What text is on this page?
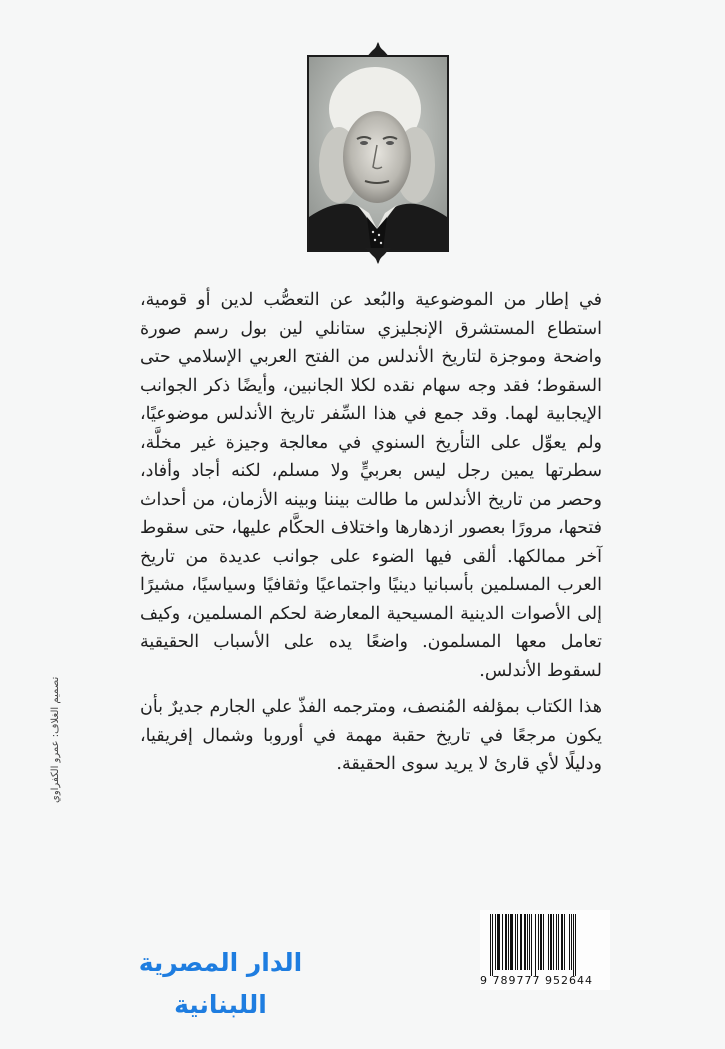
في إطار من الموضوعية والبُعد عن التعصُّب لدين أو قومية، استطاع المستشرق الإنجليزي ستانلي لين بول رسم صورة واضحة وموجزة لتاريخ الأندلس من الفتح العربي الإسلامي حتى السقوط؛ فقد وجه سهام نقده لكلا الجانبين، وأيضًا ذكر الجوانب الإيجابية لهما. وقد جمع في هذا السِّفر تاريخ الأندلس موضوعيًا، ولم يعوِّل على التأريخ السنوي في معالجة وجيزة غير مخلَّة، سطرتها يمين رجل ليس بعربيٍّ ولا مسلم، لكنه أجاد وأفاد، وحصر من تاريخ الأندلس ما طالت بيننا وبينه الأزمان، من أحداث فتحها، مرورًا بعصور ازدهارها واختلاف الحكَّام عليها، حتى سقوط آخر ممالكها. ألقى فيها الضوء على جوانب عديدة من تاريخ العرب المسلمين بأسبانيا دينيًا واجتماعيًا وثقافيًا وسياسيًا، مشيرًا إلى الأصوات الدينية المسيحية المعارضة لحكم المسلمين، وكيف تعامل معها المسلمون. واضعًا يده على الأسباب الحقيقية لسقوط الأندلس.

هذا الكتاب بمؤلفه المُنصف، ومترجمه الفذّ علي الجارم جديرٌ بأن يكون مرجعًا في تاريخ حقبة مهمة في أوروبا وشمال إفريقيا، ودليلًا لأي قارئ لا يريد سوى الحقيقة.

تصميم الغلاف: عمرو الكفراوي
الدار المصرية اللبنانية
9 789777 952644
